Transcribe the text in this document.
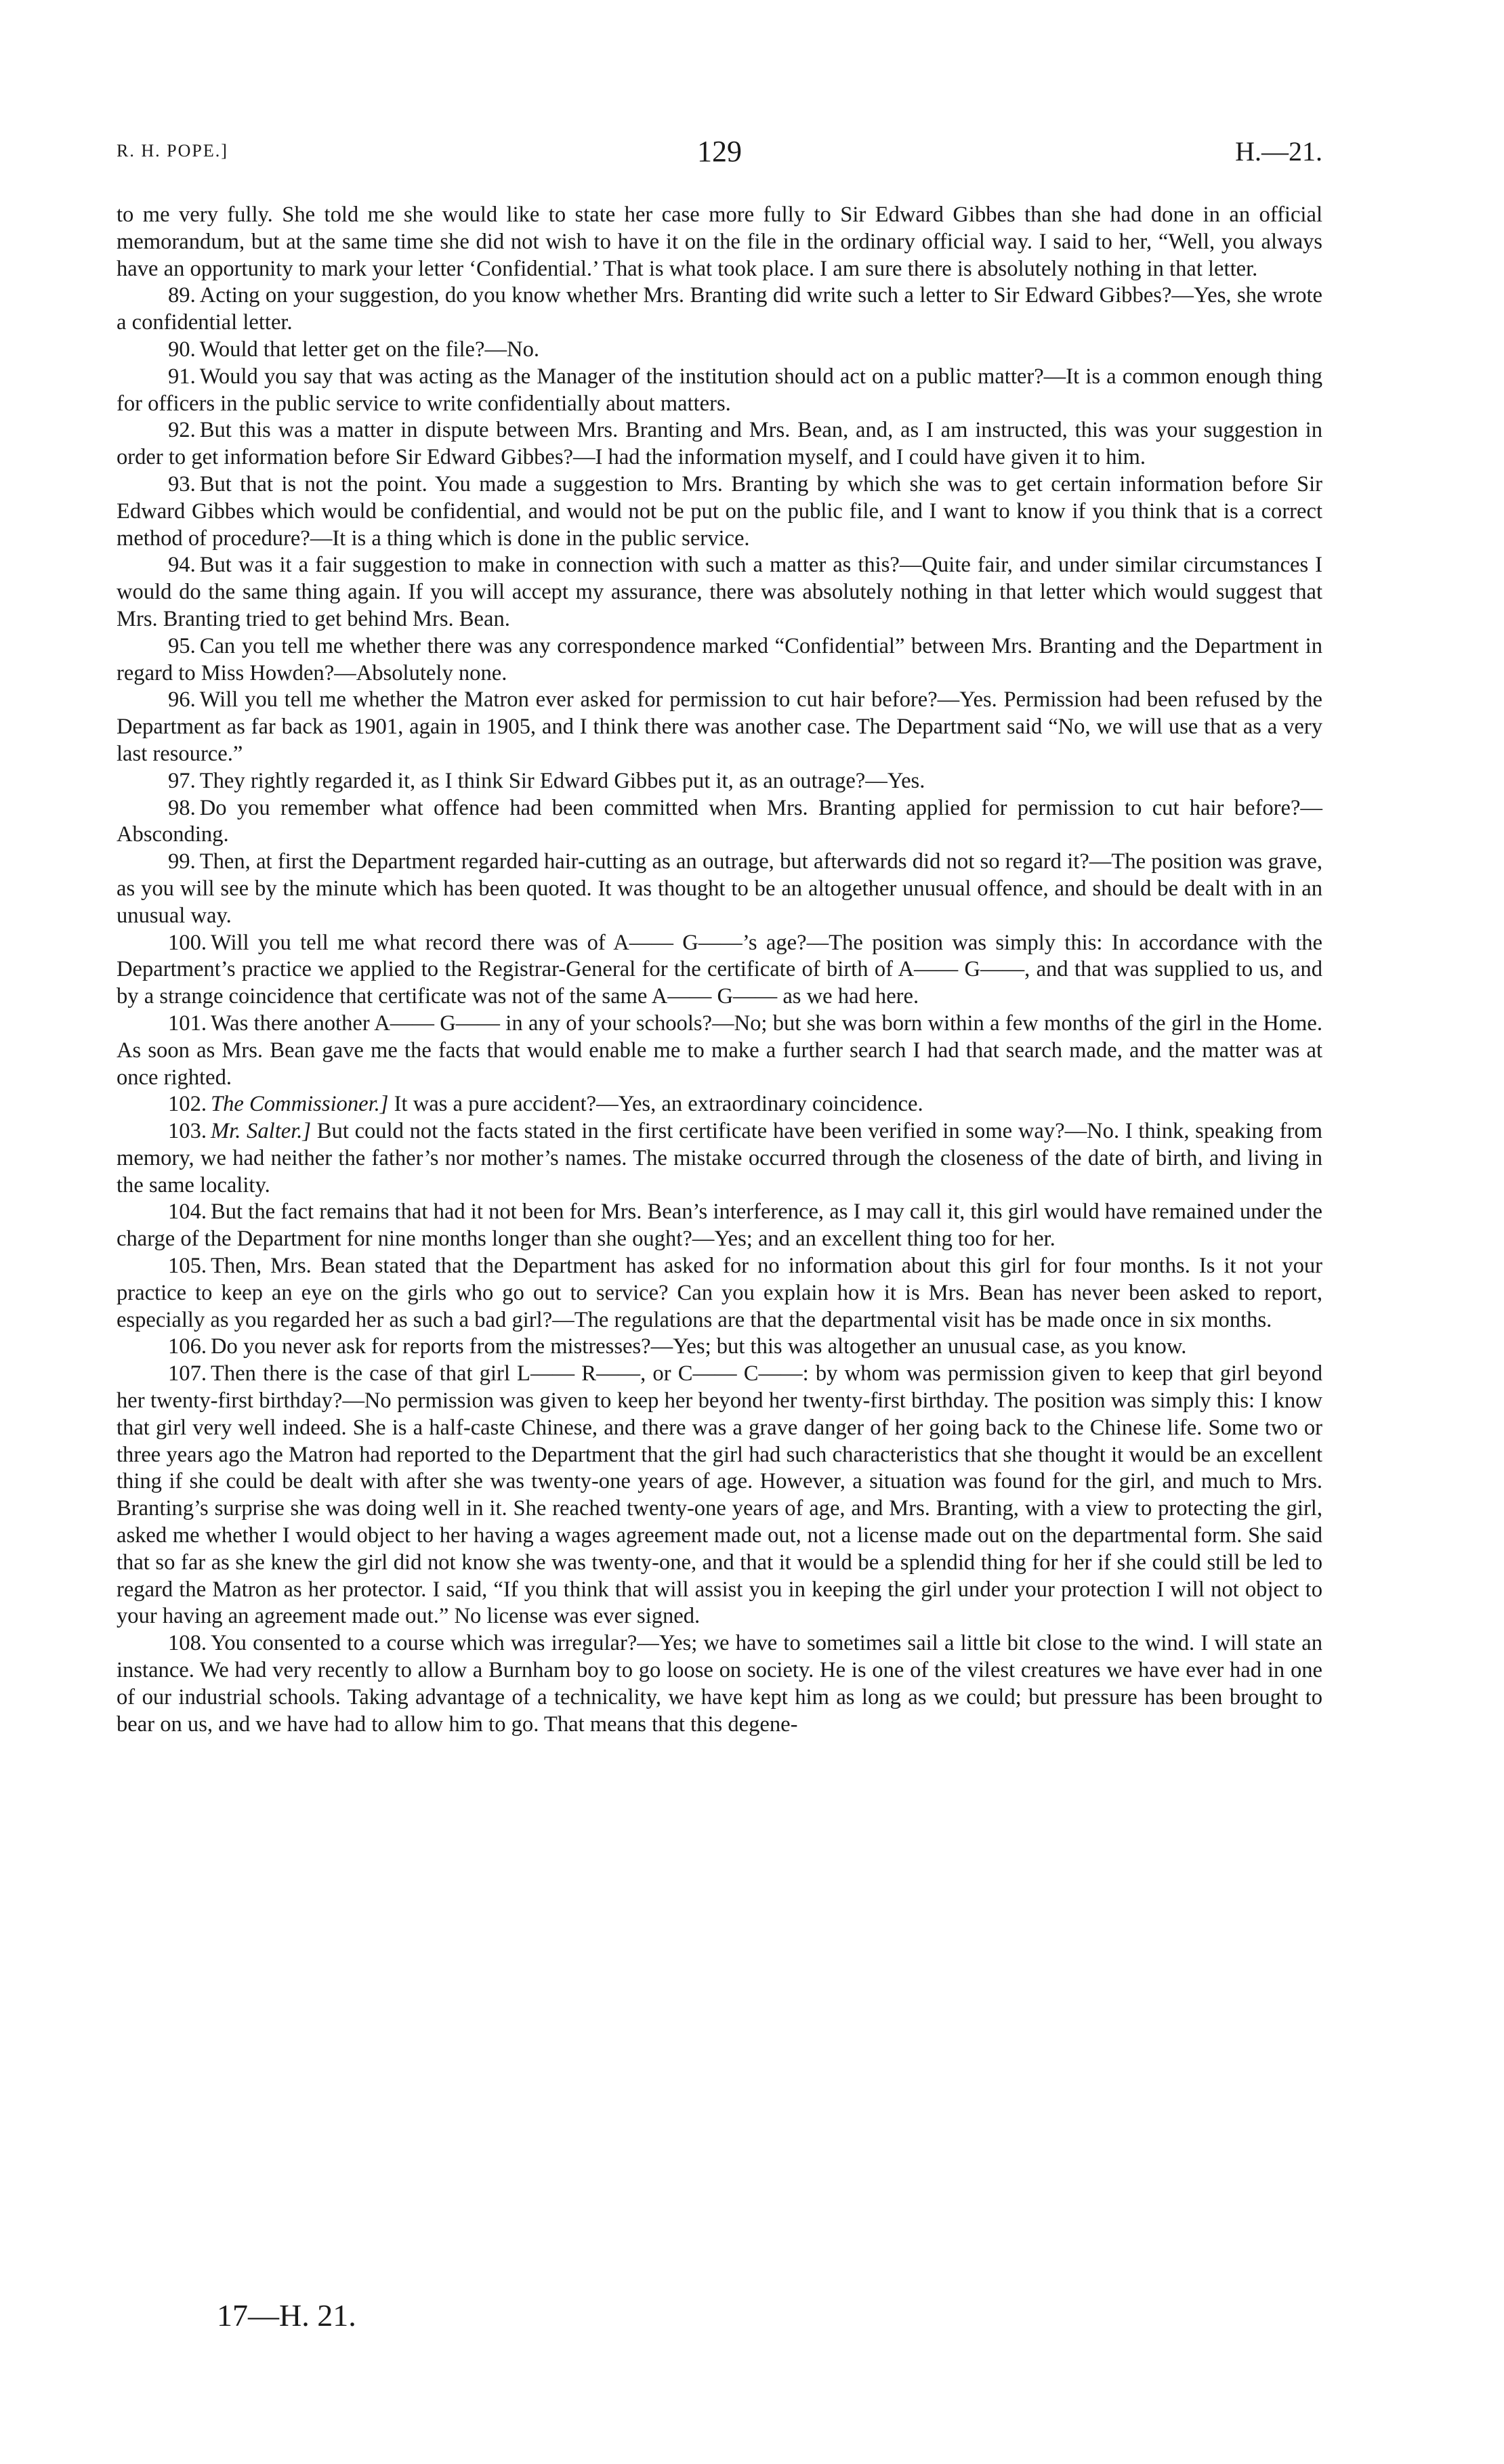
R. H. POPE.]	129	H.—21.

to me very fully. She told me she would like to state her case more fully to Sir Edward Gibbes than she had done in an official memorandum, but at the same time she did not wish to have it on the file in the ordinary official way. I said to her, “Well, you always have an opportunity to mark your letter ‘Confidential.’ That is what took place. I am sure there is absolutely nothing in that letter.

89. Acting on your suggestion, do you know whether Mrs. Branting did write such a letter to Sir Edward Gibbes?—Yes, she wrote a confidential letter.

90. Would that letter get on the file?—No.

91. Would you say that was acting as the Manager of the institution should act on a public matter?—It is a common enough thing for officers in the public service to write confidentially about matters.

92. But this was a matter in dispute between Mrs. Branting and Mrs. Bean, and, as I am instructed, this was your suggestion in order to get information before Sir Edward Gibbes?—I had the information myself, and I could have given it to him.

93. But that is not the point. You made a suggestion to Mrs. Branting by which she was to get certain information before Sir Edward Gibbes which would be confidential, and would not be put on the public file, and I want to know if you think that is a correct method of procedure?—It is a thing which is done in the public service.

94. But was it a fair suggestion to make in connection with such a matter as this?—Quite fair, and under similar circumstances I would do the same thing again. If you will accept my assurance, there was absolutely nothing in that letter which would suggest that Mrs. Branting tried to get behind Mrs. Bean.

95. Can you tell me whether there was any correspondence marked “Confidential” between Mrs. Branting and the Department in regard to Miss Howden?—Absolutely none.

96. Will you tell me whether the Matron ever asked for permission to cut hair before?—Yes. Permission had been refused by the Department as far back as 1901, again in 1905, and I think there was another case. The Department said “No, we will use that as a very last resource.”

97. They rightly regarded it, as I think Sir Edward Gibbes put it, as an outrage?—Yes.

98. Do you remember what offence had been committed when Mrs. Branting applied for permission to cut hair before?—Absconding.

99. Then, at first the Department regarded hair-cutting as an outrage, but afterwards did not so regard it?—The position was grave, as you will see by the minute which has been quoted. It was thought to be an altogether unusual offence, and should be dealt with in an unusual way.

100. Will you tell me what record there was of A—— G——’s age?—The position was simply this: In accordance with the Department’s practice we applied to the Registrar-General for the certificate of birth of A—— G——, and that was supplied to us, and by a strange coincidence that certificate was not of the same A—— G—— as we had here.

101. Was there another A—— G—— in any of your schools?—No; but she was born within a few months of the girl in the Home. As soon as Mrs. Bean gave me the facts that would enable me to make a further search I had that search made, and the matter was at once righted.

102. The Commissioner.] It was a pure accident?—Yes, an extraordinary coincidence.

103. Mr. Salter.] But could not the facts stated in the first certificate have been verified in some way?—No. I think, speaking from memory, we had neither the father’s nor mother’s names. The mistake occurred through the closeness of the date of birth, and living in the same locality.

104. But the fact remains that had it not been for Mrs. Bean’s interference, as I may call it, this girl would have remained under the charge of the Department for nine months longer than she ought?—Yes; and an excellent thing too for her.

105. Then, Mrs. Bean stated that the Department has asked for no information about this girl for four months. Is it not your practice to keep an eye on the girls who go out to service? Can you explain how it is Mrs. Bean has never been asked to report, especially as you regarded her as such a bad girl?—The regulations are that the departmental visit has be made once in six months.

106. Do you never ask for reports from the mistresses?—Yes; but this was altogether an unusual case, as you know.

107. Then there is the case of that girl L—— R——, or C—— C——: by whom was permission given to keep that girl beyond her twenty-first birthday?—No permission was given to keep her beyond her twenty-first birthday. The position was simply this: I know that girl very well indeed. She is a half-caste Chinese, and there was a grave danger of her going back to the Chinese life. Some two or three years ago the Matron had reported to the Department that the girl had such characteristics that she thought it would be an excellent thing if she could be dealt with after she was twenty-one years of age. However, a situation was found for the girl, and much to Mrs. Branting’s surprise she was doing well in it. She reached twenty-one years of age, and Mrs. Branting, with a view to protecting the girl, asked me whether I would object to her having a wages agreement made out, not a license made out on the departmental form. She said that so far as she knew the girl did not know she was twenty-one, and that it would be a splendid thing for her if she could still be led to regard the Matron as her protector. I said, “If you think that will assist you in keeping the girl under your protection I will not object to your having an agreement made out.” No license was ever signed.

108. You consented to a course which was irregular?—Yes; we have to sometimes sail a little bit close to the wind. I will state an instance. We had very recently to allow a Burnham boy to go loose on society. He is one of the vilest creatures we have ever had in one of our industrial schools. Taking advantage of a technicality, we have kept him as long as we could; but pressure has been brought to bear on us, and we have had to allow him to go. That means that this degene-

17—H. 21.
